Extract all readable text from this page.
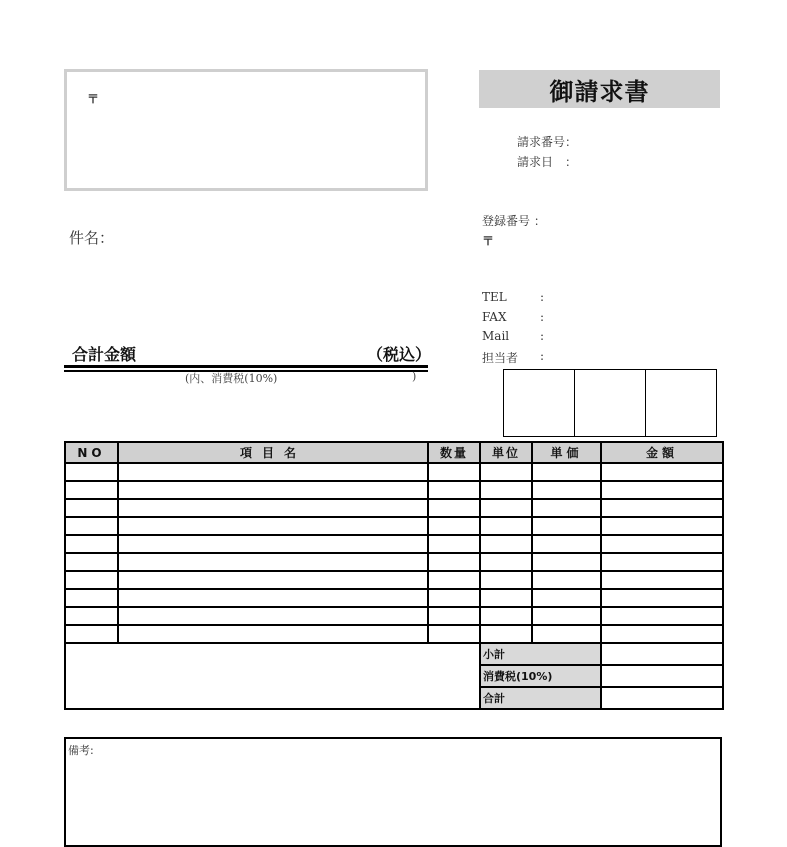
〒	御請求書
請求番号：
請求日　：
件名：
合計金額	（税込）
(内、消費税(10%)	)
登録番号 ：
〒
TEL	:
FAX	:
Mail	:
担当者 :
NO	項目名	数量	単位	単価	金額

			小計		
			消費税(10%)		
			合計		
備考:
